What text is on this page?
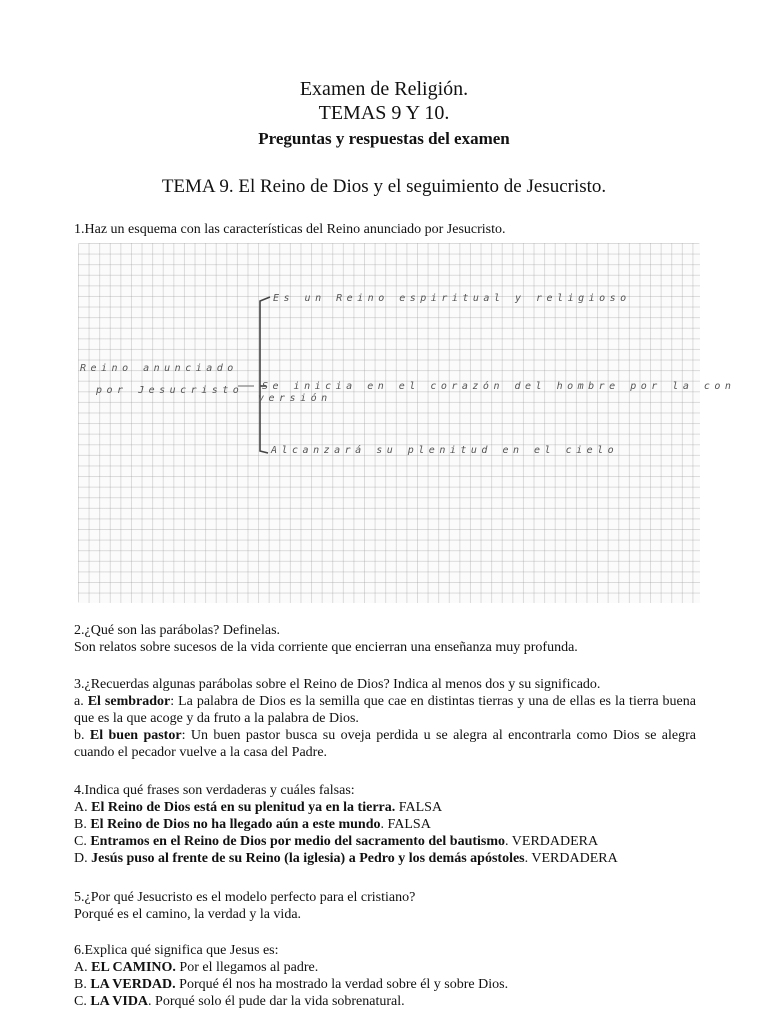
Examen de Religión.
TEMAS 9 Y 10.
Preguntas y respuestas del examen
TEMA 9. El Reino de Dios y el seguimiento de Jesucristo.
1.Haz un esquema con las características del Reino anunciado por Jesucristo.
Reino anunciado
por Jesucristo
Es un Reino espiritual y religioso
Se inicia en el corazón del hombre por la con
versión
Alcanzará su plenitud en el cielo
2.¿Qué son las parábolas? Definelas.
Son relatos sobre sucesos de la vida corriente que encierran una enseñanza muy profunda.
3.¿Recuerdas algunas parábolas sobre el Reino de Dios? Indica al menos dos y su significado.
a. El sembrador: La palabra de Dios es la semilla que cae en distintas tierras y una de ellas es la tierra buena que es la que acoge y da fruto a la palabra de Dios.
b. El buen pastor: Un buen pastor busca su oveja perdida u se alegra al encontrarla como Dios se alegra cuando el pecador vuelve a la casa del Padre.
4.Indica qué frases son verdaderas y cuáles falsas:
A. El Reino de Dios está en su plenitud ya en la tierra. FALSA
B. El Reino de Dios no ha llegado aún a este mundo. FALSA
C. Entramos en el Reino de Dios por medio del sacramento del bautismo. VERDADERA
D. Jesús puso al frente de su Reino (la iglesia) a Pedro y los demás apóstoles. VERDADERA
5.¿Por qué Jesucristo es el modelo perfecto para el cristiano?
Porqué es el camino, la verdad y la vida.
6.Explica qué significa que Jesus es:
A. EL CAMINO. Por el llegamos al padre.
B. LA VERDAD. Porqué él nos ha mostrado la verdad sobre él y sobre Dios.
C. LA VIDA. Porqué solo él pude dar la vida sobrenatural.
